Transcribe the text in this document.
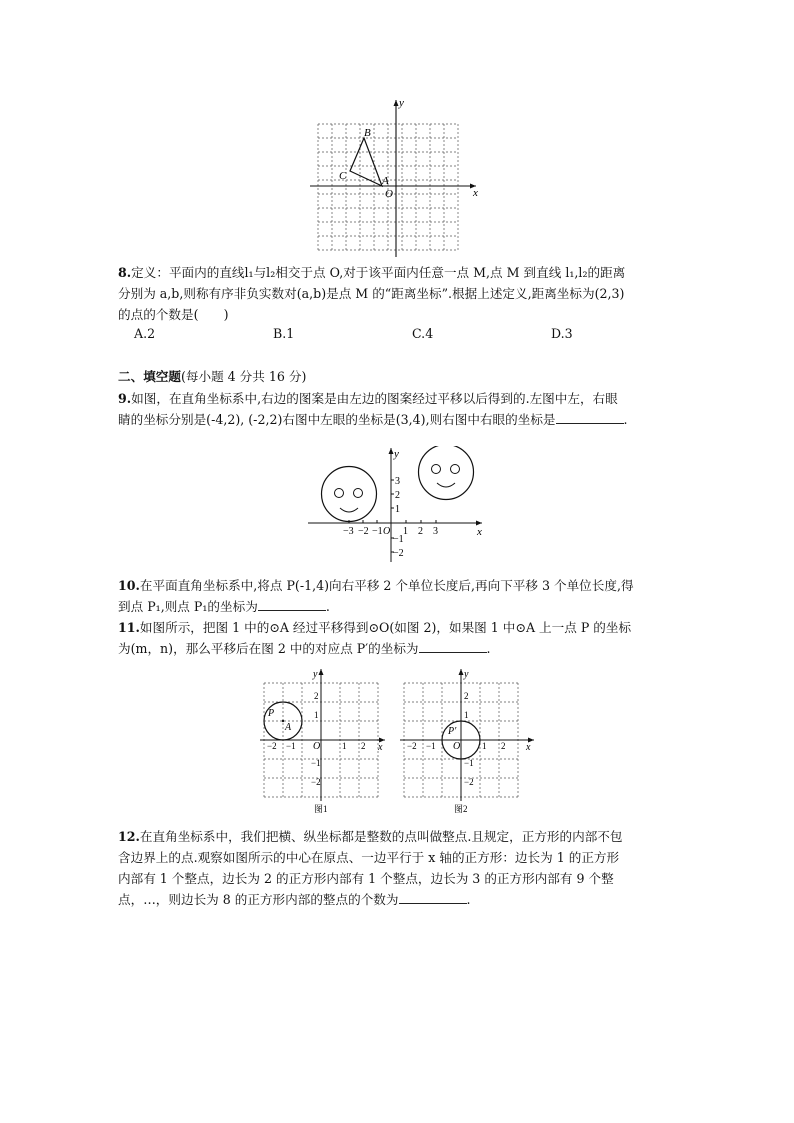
B
C	A
O	x
y

8.定义：平面内的直线l₁与l₂相交于点 O,对于该平面内任意一点 M,点 M 到直线 l₁,l₂的距离

分别为 a,b,则称有序非负实数对(a,b)是点 M 的“距离坐标”.根据上述定义,距离坐标为(2,3)

的点的个数是(　　)

A.2	B.1	C.4	D.3
二、填空题(每小题 4 分共 16 分)

9.如图，在直角坐标系中,右边的图案是由左边的图案经过平移以后得到的.左图中左，右眼

睛的坐标分别是(-4,2), (-2,2)右图中左眼的坐标是(3,4),则右图中右眼的坐标是	.

y
x
−3 −2 −1 1 2 3
3
2
1
−1
−2
O

10.在平面直角坐标系中,将点 P(-1,4)向右平移 2 个单位长度后,再向下平移 3 个单位长度,得

到点 P₁,则点 P₁的坐标为	.

11.如图所示，把图 1 中的⊙A 经过平移得到⊙O(如图 2)，如果图 1 中⊙A 上一点 P 的坐标

为(m，n)，那么平移后在图 2 中的对应点 P′的坐标为	.

y
x
A
P
O
−2 −1	1 2
2
1
−1
−2
图1
y
x
P′
O
−2 −1	1 2
2
1
−1
−2
图2

12.在直角坐标系中，我们把横、纵坐标都是整数的点叫做整点.且规定，正方形的内部不包

含边界上的点.观察如图所示的中心在原点、一边平行于 x 轴的正方形：边长为 1 的正方形

内部有 1 个整点，边长为 2 的正方形内部有 1 个整点，边长为 3 的正方形内部有 9 个整

点，…，则边长为 8 的正方形内部的整点的个数为	.
